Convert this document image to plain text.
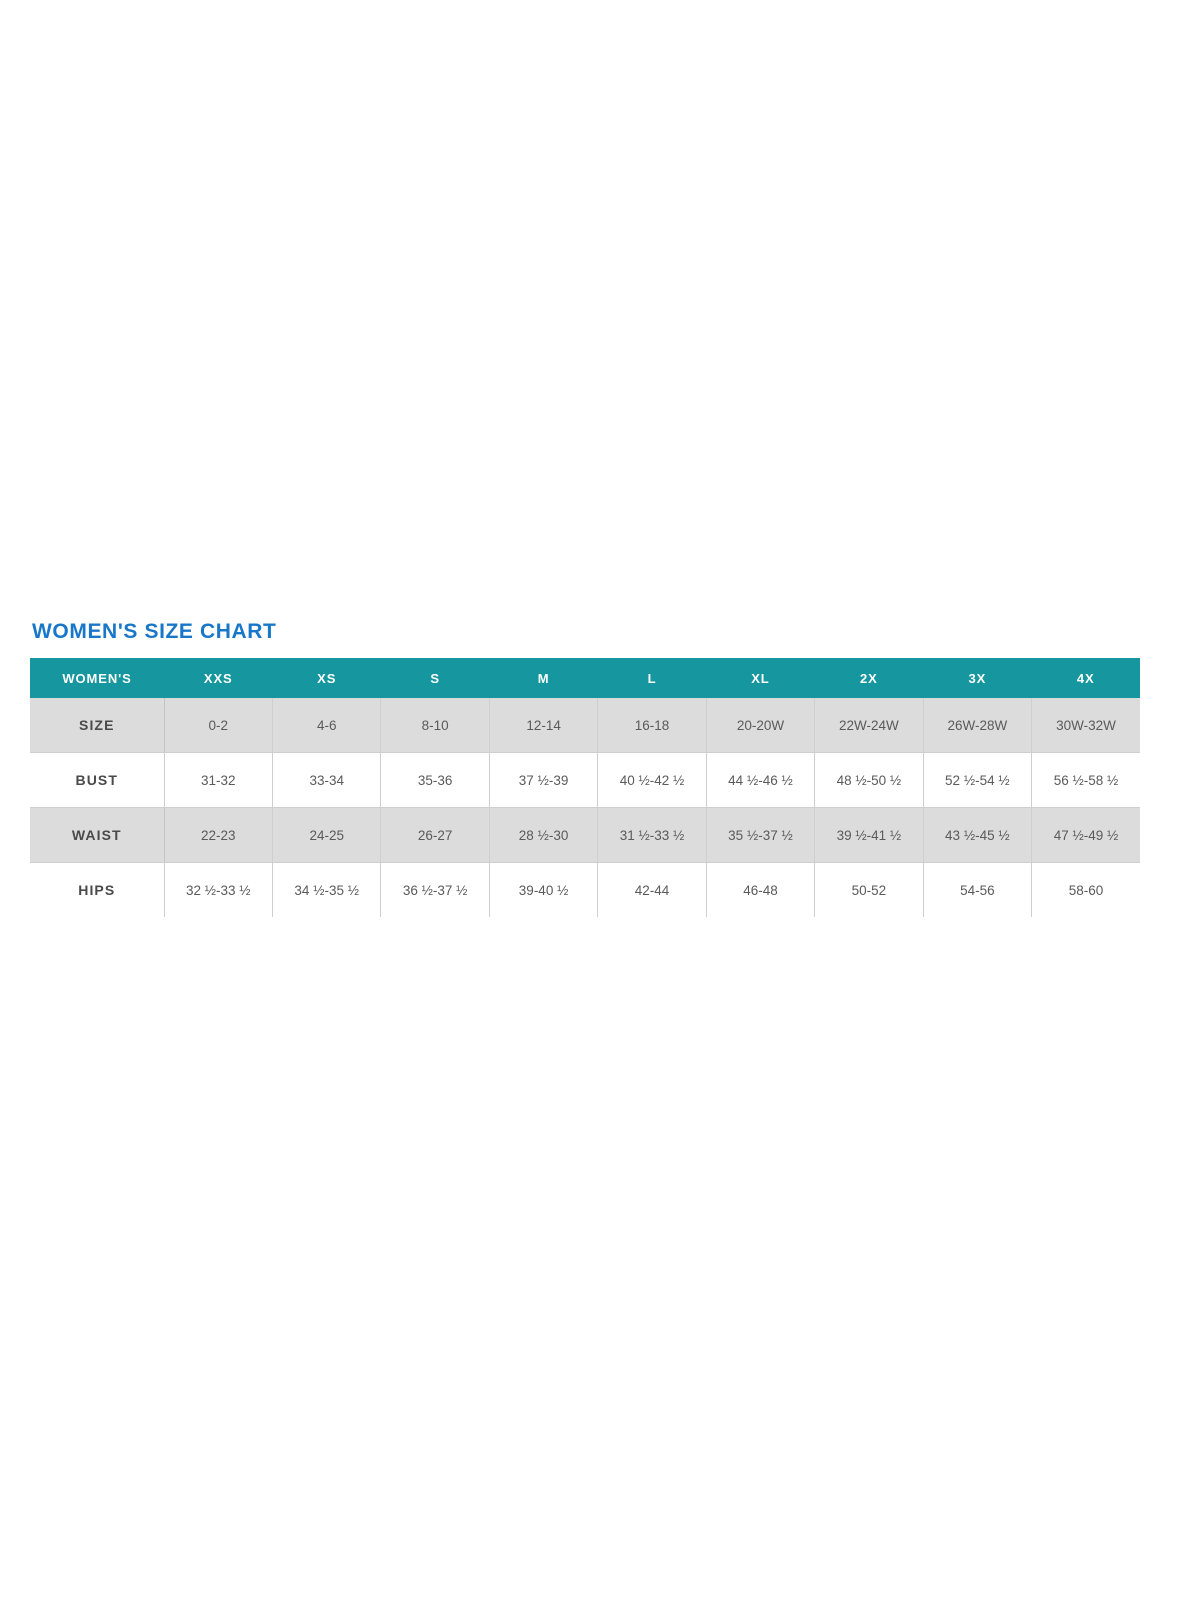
WOMEN'S SIZE CHART
WOMEN'S	XXS	XS	S	M	L	XL	2X	3X	4X
SIZE	0-2	4-6	8-10	12-14	16-18	20-20W	22W-24W	26W-28W	30W-32W
BUST	31-32	33-34	35-36	37 ½-39	40 ½-42 ½	44 ½-46 ½	48 ½-50 ½	52 ½-54 ½	56 ½-58 ½
WAIST	22-23	24-25	26-27	28 ½-30	31 ½-33 ½	35 ½-37 ½	39 ½-41 ½	43 ½-45 ½	47 ½-49 ½
HIPS	32 ½-33 ½	34 ½-35 ½	36 ½-37 ½	39-40 ½	42-44	46-48	50-52	54-56	58-60
